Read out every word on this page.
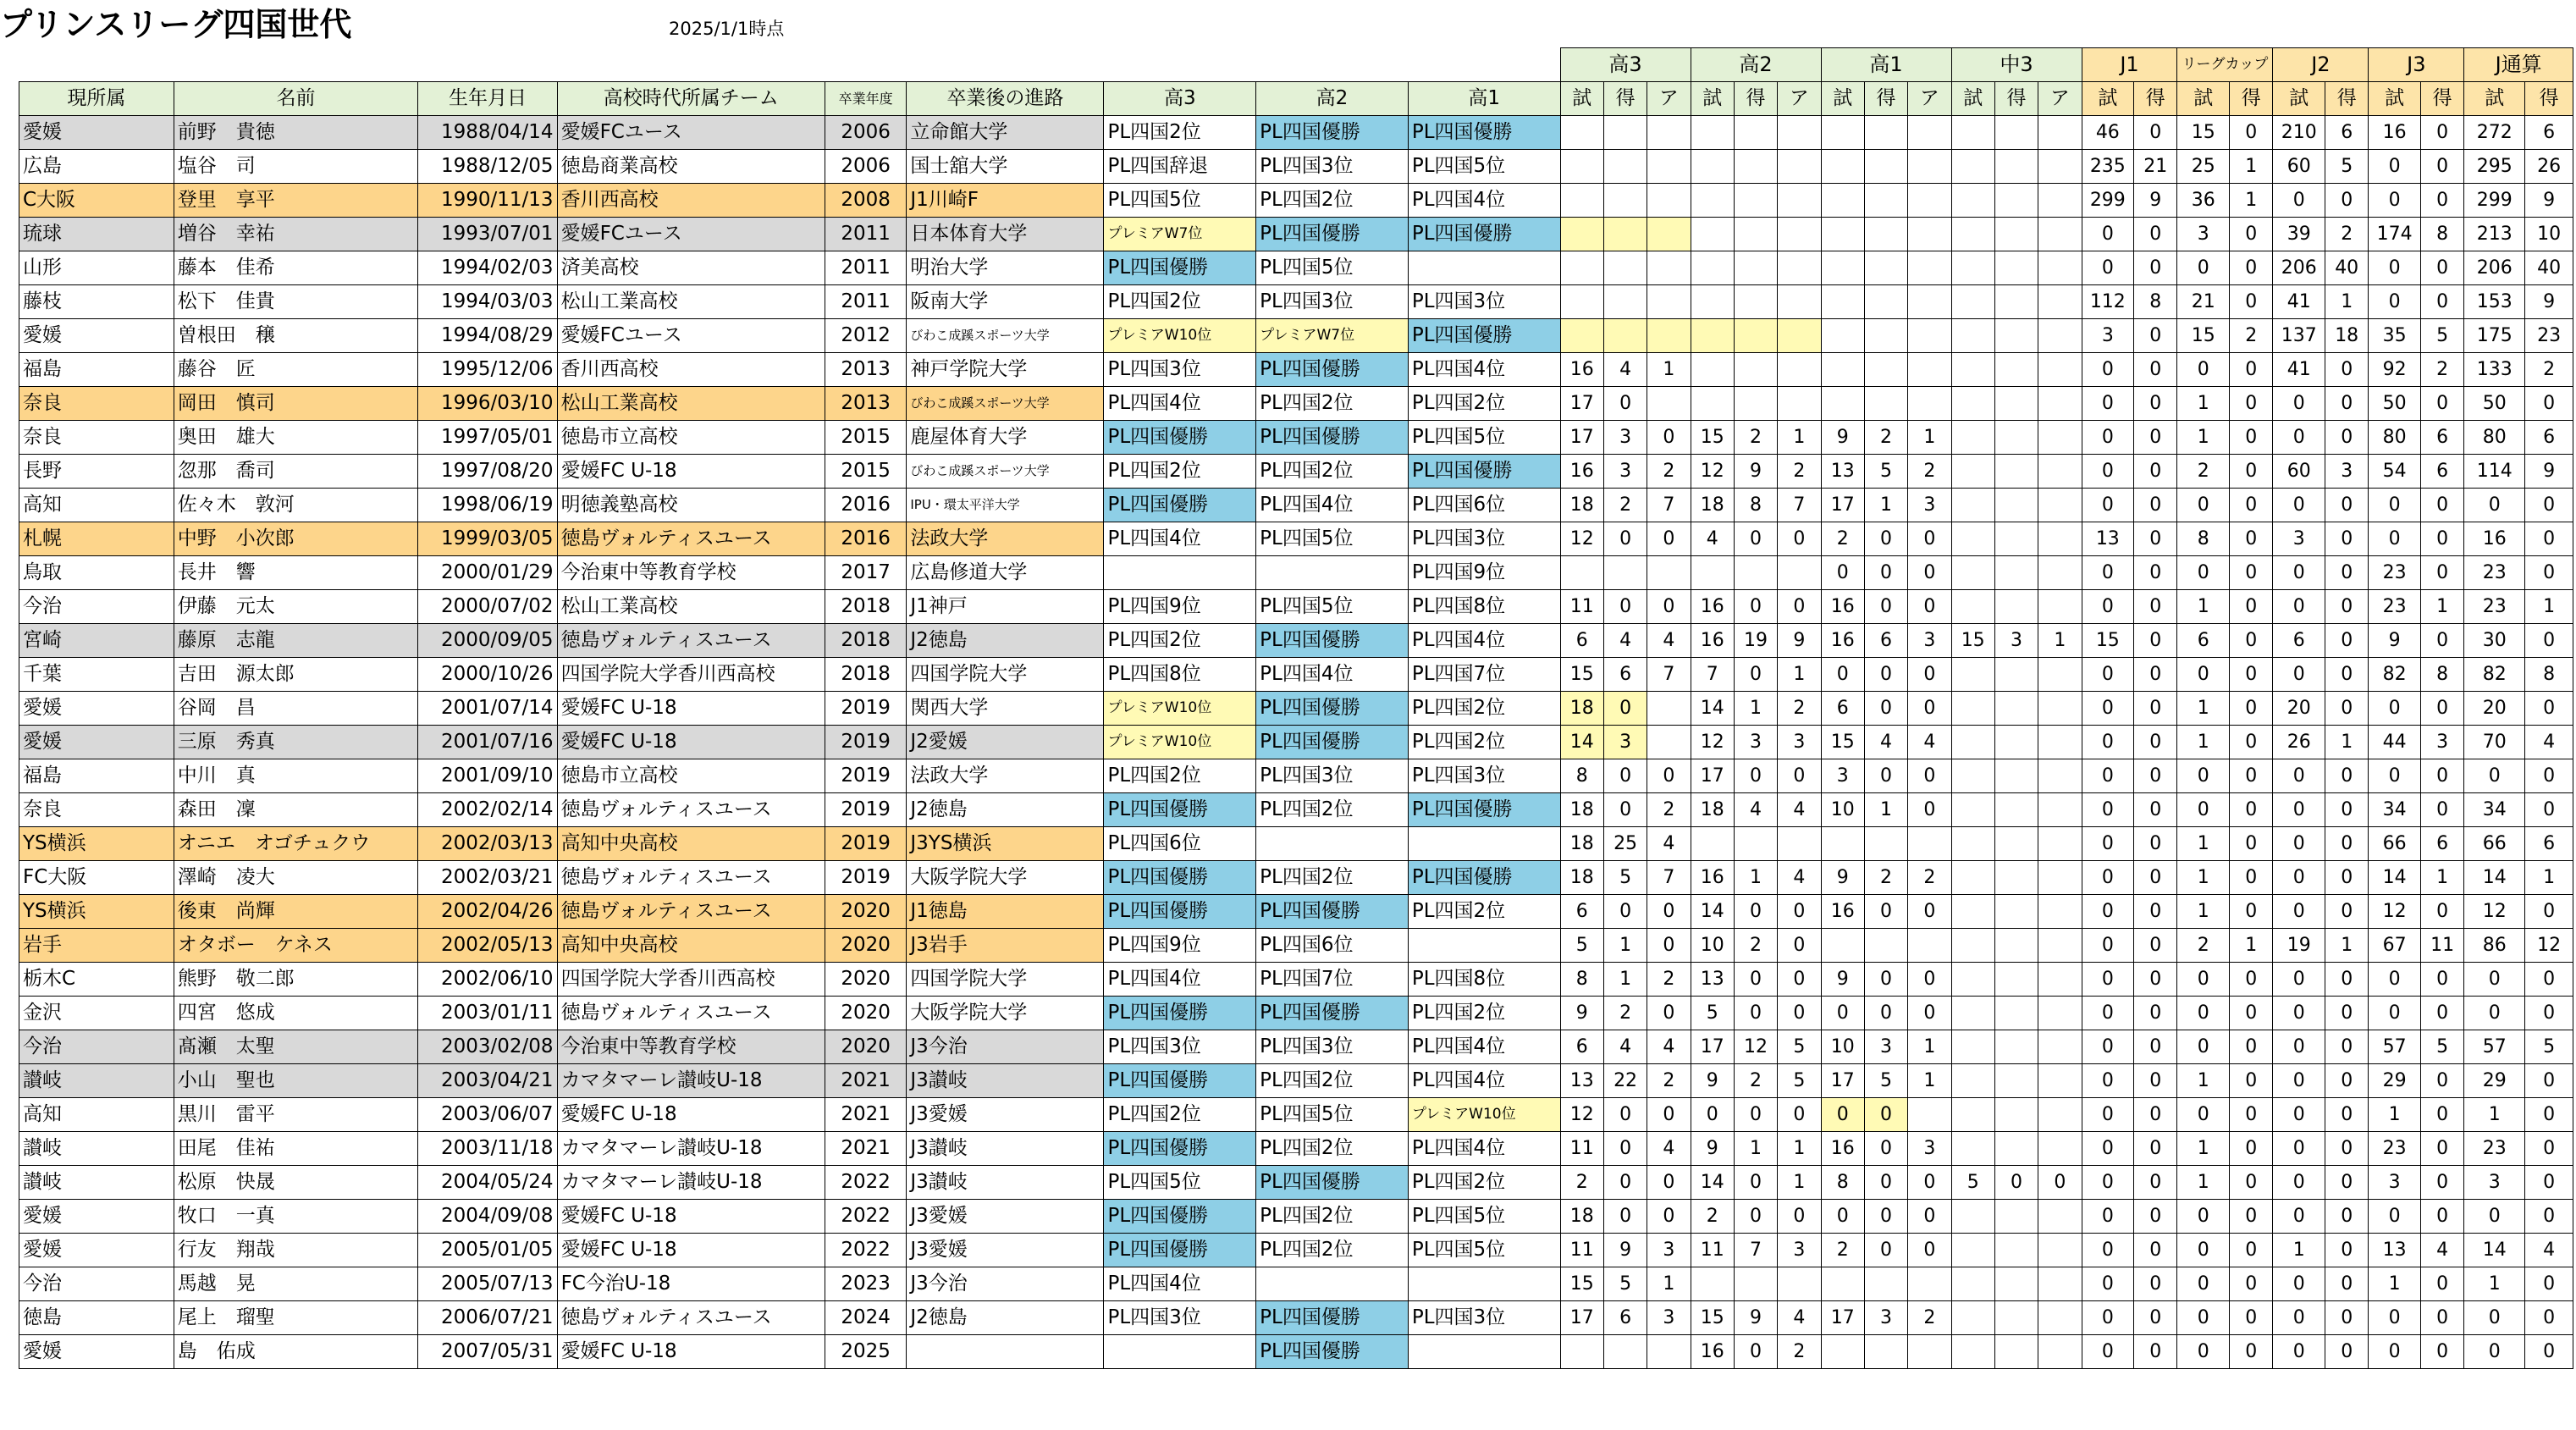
プリンスリーグ四国世代	2025/1/1時点
									高3			高2			高1			中3			J1		リーグカップ		J2		J3		J通算	
現所属	名前	生年月日	高校時代所属チーム	卒業年度	卒業後の進路	高3	高2	高1	試	得	ア	試	得	ア	試	得	ア	試	得	ア	試	得	試	得	試	得	試	得	試	得
愛媛	前野　貴徳	1988/04/14	愛媛FCユース	2006	立命館大学	PL四国2位	PL四国優勝	PL四国優勝													46	0	15	0	210	6	16	0	272	6
広島	塩谷　司	1988/12/05	徳島商業高校	2006	国士舘大学	PL四国辞退	PL四国3位	PL四国5位													235	21	25	1	60	5	0	0	295	26
C大阪	登里　享平	1990/11/13	香川西高校	2008	J1川崎F	PL四国5位	PL四国2位	PL四国4位													299	9	36	1	0	0	0	0	299	9
琉球	増谷　幸祐	1993/07/01	愛媛FCユース	2011	日本体育大学	プレミアW7位	PL四国優勝	PL四国優勝													0	0	3	0	39	2	174	8	213	10
山形	藤本　佳希	1994/02/03	済美高校	2011	明治大学	PL四国優勝	PL四国5位														0	0	0	0	206	40	0	0	206	40
藤枝	松下　佳貴	1994/03/03	松山工業高校	2011	阪南大学	PL四国2位	PL四国3位	PL四国3位													112	8	21	0	41	1	0	0	153	9
愛媛	曽根田　穣	1994/08/29	愛媛FCユース	2012	びわこ成蹊スポーツ大学	プレミアW10位	プレミアW7位	PL四国優勝													3	0	15	2	137	18	35	5	175	23
福島	藤谷　匠	1995/12/06	香川西高校	2013	神戸学院大学	PL四国3位	PL四国優勝	PL四国4位	16	4	1										0	0	0	0	41	0	92	2	133	2
奈良	岡田　慎司	1996/03/10	松山工業高校	2013	びわこ成蹊スポーツ大学	PL四国4位	PL四国2位	PL四国2位	17	0											0	0	1	0	0	0	50	0	50	0
奈良	奥田　雄大	1997/05/01	徳島市立高校	2015	鹿屋体育大学	PL四国優勝	PL四国優勝	PL四国5位	17	3	0	15	2	1	9	2	1				0	0	1	0	0	0	80	6	80	6
長野	忽那　喬司	1997/08/20	愛媛FC U-18	2015	びわこ成蹊スポーツ大学	PL四国2位	PL四国2位	PL四国優勝	16	3	2	12	9	2	13	5	2				0	0	2	0	60	3	54	6	114	9
高知	佐々木　敦河	1998/06/19	明徳義塾高校	2016	IPU・環太平洋大学	PL四国優勝	PL四国4位	PL四国6位	18	2	7	18	8	7	17	1	3				0	0	0	0	0	0	0	0	0	0
札幌	中野　小次郎	1999/03/05	徳島ヴォルティスユース	2016	法政大学	PL四国4位	PL四国5位	PL四国3位	12	0	0	4	0	0	2	0	0				13	0	8	0	3	0	0	0	16	0
鳥取	長井　響	2000/01/29	今治東中等教育学校	2017	広島修道大学			PL四国9位							0	0	0				0	0	0	0	0	0	23	0	23	0
今治	伊藤　元太	2000/07/02	松山工業高校	2018	J1神戸	PL四国9位	PL四国5位	PL四国8位	11	0	0	16	0	0	16	0	0				0	0	1	0	0	0	23	1	23	1
宮崎	藤原　志龍	2000/09/05	徳島ヴォルティスユース	2018	J2徳島	PL四国2位	PL四国優勝	PL四国4位	6	4	4	16	19	9	16	6	3	15	3	1	15	0	6	0	6	0	9	0	30	0
千葉	吉田　源太郎	2000/10/26	四国学院大学香川西高校	2018	四国学院大学	PL四国8位	PL四国4位	PL四国7位	15	6	7	7	0	1	0	0	0				0	0	0	0	0	0	82	8	82	8
愛媛	谷岡　昌	2001/07/14	愛媛FC U-18	2019	関西大学	プレミアW10位	PL四国優勝	PL四国2位	18	0		14	1	2	6	0	0				0	0	1	0	20	0	0	0	20	0
愛媛	三原　秀真	2001/07/16	愛媛FC U-18	2019	J2愛媛	プレミアW10位	PL四国優勝	PL四国2位	14	3		12	3	3	15	4	4				0	0	1	0	26	1	44	3	70	4
福島	中川　真	2001/09/10	徳島市立高校	2019	法政大学	PL四国2位	PL四国3位	PL四国3位	8	0	0	17	0	0	3	0	0				0	0	0	0	0	0	0	0	0	0
奈良	森田　凜	2002/02/14	徳島ヴォルティスユース	2019	J2徳島	PL四国優勝	PL四国2位	PL四国優勝	18	0	2	18	4	4	10	1	0				0	0	0	0	0	0	34	0	34	0
YS横浜	オニエ　オゴチュクウ	2002/03/13	高知中央高校	2019	J3YS横浜	PL四国6位			18	25	4										0	0	1	0	0	0	66	6	66	6
FC大阪	澤崎　凌大	2002/03/21	徳島ヴォルティスユース	2019	大阪学院大学	PL四国優勝	PL四国2位	PL四国優勝	18	5	7	16	1	4	9	2	2				0	0	1	0	0	0	14	1	14	1
YS横浜	後東　尚輝	2002/04/26	徳島ヴォルティスユース	2020	J1徳島	PL四国優勝	PL四国優勝	PL四国2位	6	0	0	14	0	0	16	0	0				0	0	1	0	0	0	12	0	12	0
岩手	オタボー　ケネス	2002/05/13	高知中央高校	2020	J3岩手	PL四国9位	PL四国6位		5	1	0	10	2	0							0	0	2	1	19	1	67	11	86	12
栃木C	熊野　敬二郎	2002/06/10	四国学院大学香川西高校	2020	四国学院大学	PL四国4位	PL四国7位	PL四国8位	8	1	2	13	0	0	9	0	0				0	0	0	0	0	0	0	0	0	0
金沢	四宮　悠成	2003/01/11	徳島ヴォルティスユース	2020	大阪学院大学	PL四国優勝	PL四国優勝	PL四国2位	9	2	0	5	0	0	0	0	0				0	0	0	0	0	0	0	0	0	0
今治	髙瀬　太聖	2003/02/08	今治東中等教育学校	2020	J3今治	PL四国3位	PL四国3位	PL四国4位	6	4	4	17	12	5	10	3	1				0	0	0	0	0	0	57	5	57	5
讃岐	小山　聖也	2003/04/21	カマタマーレ讃岐U-18	2021	J3讃岐	PL四国優勝	PL四国2位	PL四国4位	13	22	2	9	2	5	17	5	1				0	0	1	0	0	0	29	0	29	0
高知	黒川　雷平	2003/06/07	愛媛FC U-18	2021	J3愛媛	PL四国2位	PL四国5位	プレミアW10位	12	0	0	0	0	0	0	0					0	0	0	0	0	0	1	0	1	0
讃岐	田尾　佳祐	2003/11/18	カマタマーレ讃岐U-18	2021	J3讃岐	PL四国優勝	PL四国2位	PL四国4位	11	0	4	9	1	1	16	0	3				0	0	1	0	0	0	23	0	23	0
讃岐	松原　快晟	2004/05/24	カマタマーレ讃岐U-18	2022	J3讃岐	PL四国5位	PL四国優勝	PL四国2位	2	0	0	14	0	1	8	0	0	5	0	0	0	0	1	0	0	0	3	0	3	0
愛媛	牧口　一真	2004/09/08	愛媛FC U-18	2022	J3愛媛	PL四国優勝	PL四国2位	PL四国5位	18	0	0	2	0	0	0	0	0				0	0	0	0	0	0	0	0	0	0
愛媛	行友　翔哉	2005/01/05	愛媛FC U-18	2022	J3愛媛	PL四国優勝	PL四国2位	PL四国5位	11	9	3	11	7	3	2	0	0				0	0	0	0	1	0	13	4	14	4
今治	馬越　晃	2005/07/13	FC今治U-18	2023	J3今治	PL四国4位			15	5	1										0	0	0	0	0	0	1	0	1	0
徳島	尾上　瑠聖	2006/07/21	徳島ヴォルティスユース	2024	J2徳島	PL四国3位	PL四国優勝	PL四国3位	17	6	3	15	9	4	17	3	2				0	0	0	0	0	0	0	0	0	0
愛媛	島　佑成	2007/05/31	愛媛FC U-18	2025			PL四国優勝					16	0	2							0	0	0	0	0	0	0	0	0	0
